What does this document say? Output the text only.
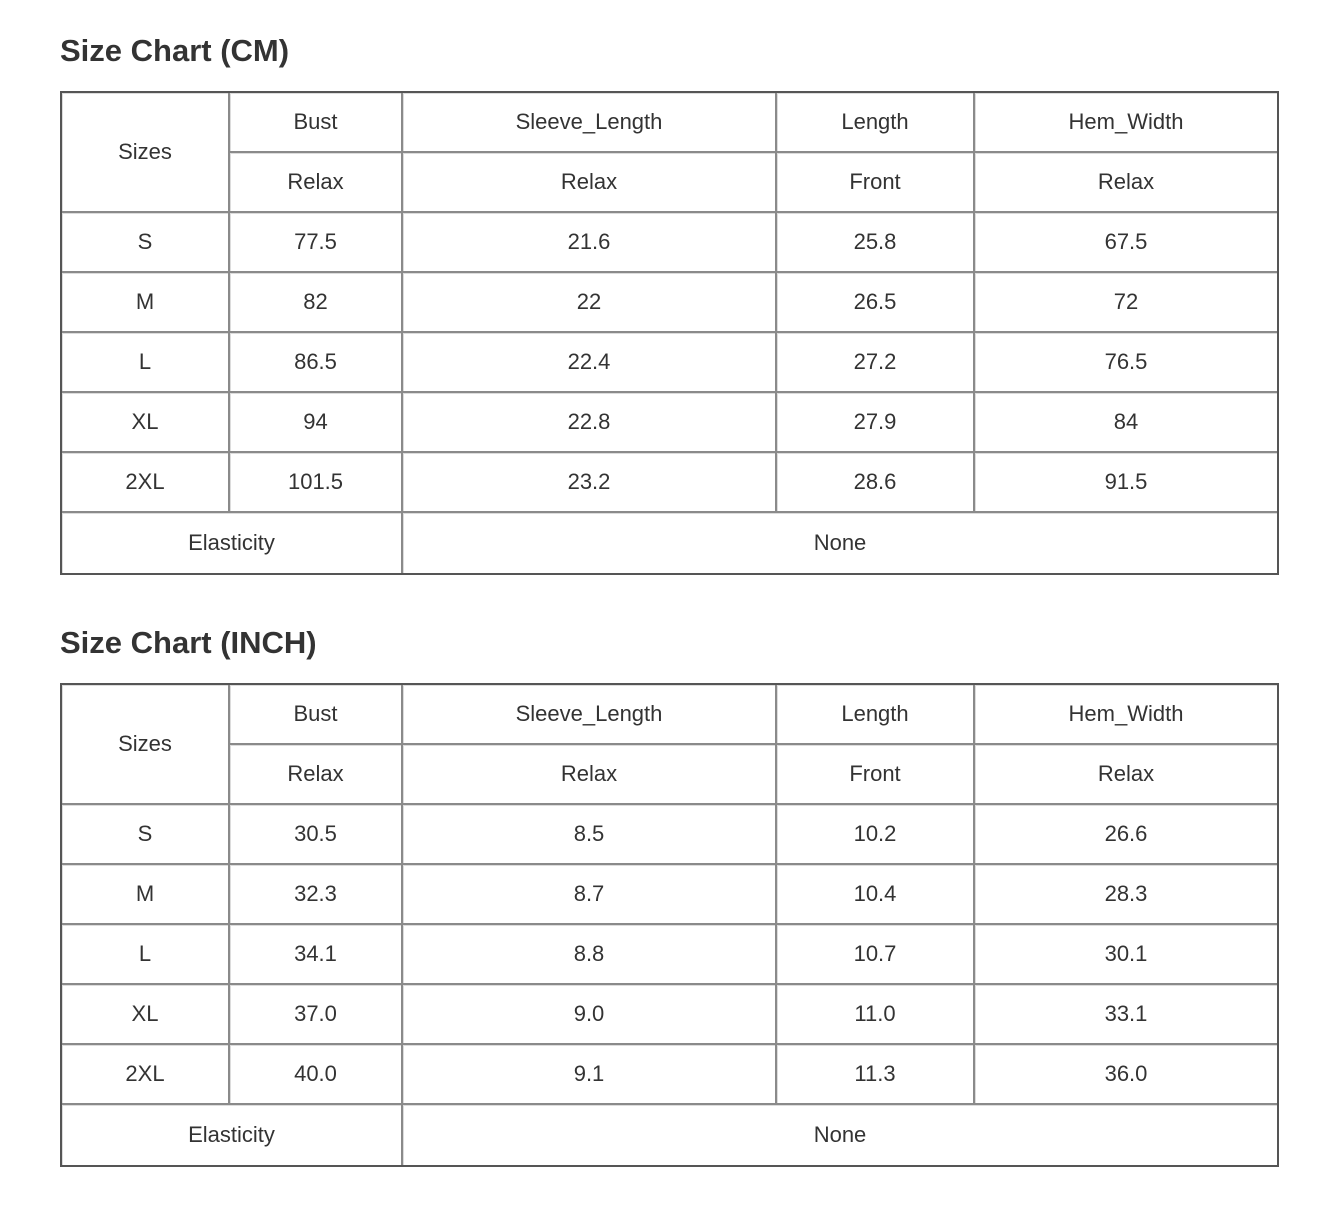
Size Chart (CM)
Sizes	Bust	Sleeve_Length	Length	Hem_Width
	Relax	Relax	Front	Relax
S	77.5	21.6	25.8	67.5
M	82	22	26.5	72
L	86.5	22.4	27.2	76.5
XL	94	22.8	27.9	84
2XL	101.5	23.2	28.6	91.5
Elasticity		None		
Size Chart (INCH)
Sizes	Bust	Sleeve_Length	Length	Hem_Width
	Relax	Relax	Front	Relax
S	30.5	8.5	10.2	26.6
M	32.3	8.7	10.4	28.3
L	34.1	8.8	10.7	30.1
XL	37.0	9.0	11.0	33.1
2XL	40.0	9.1	11.3	36.0
Elasticity		None		
